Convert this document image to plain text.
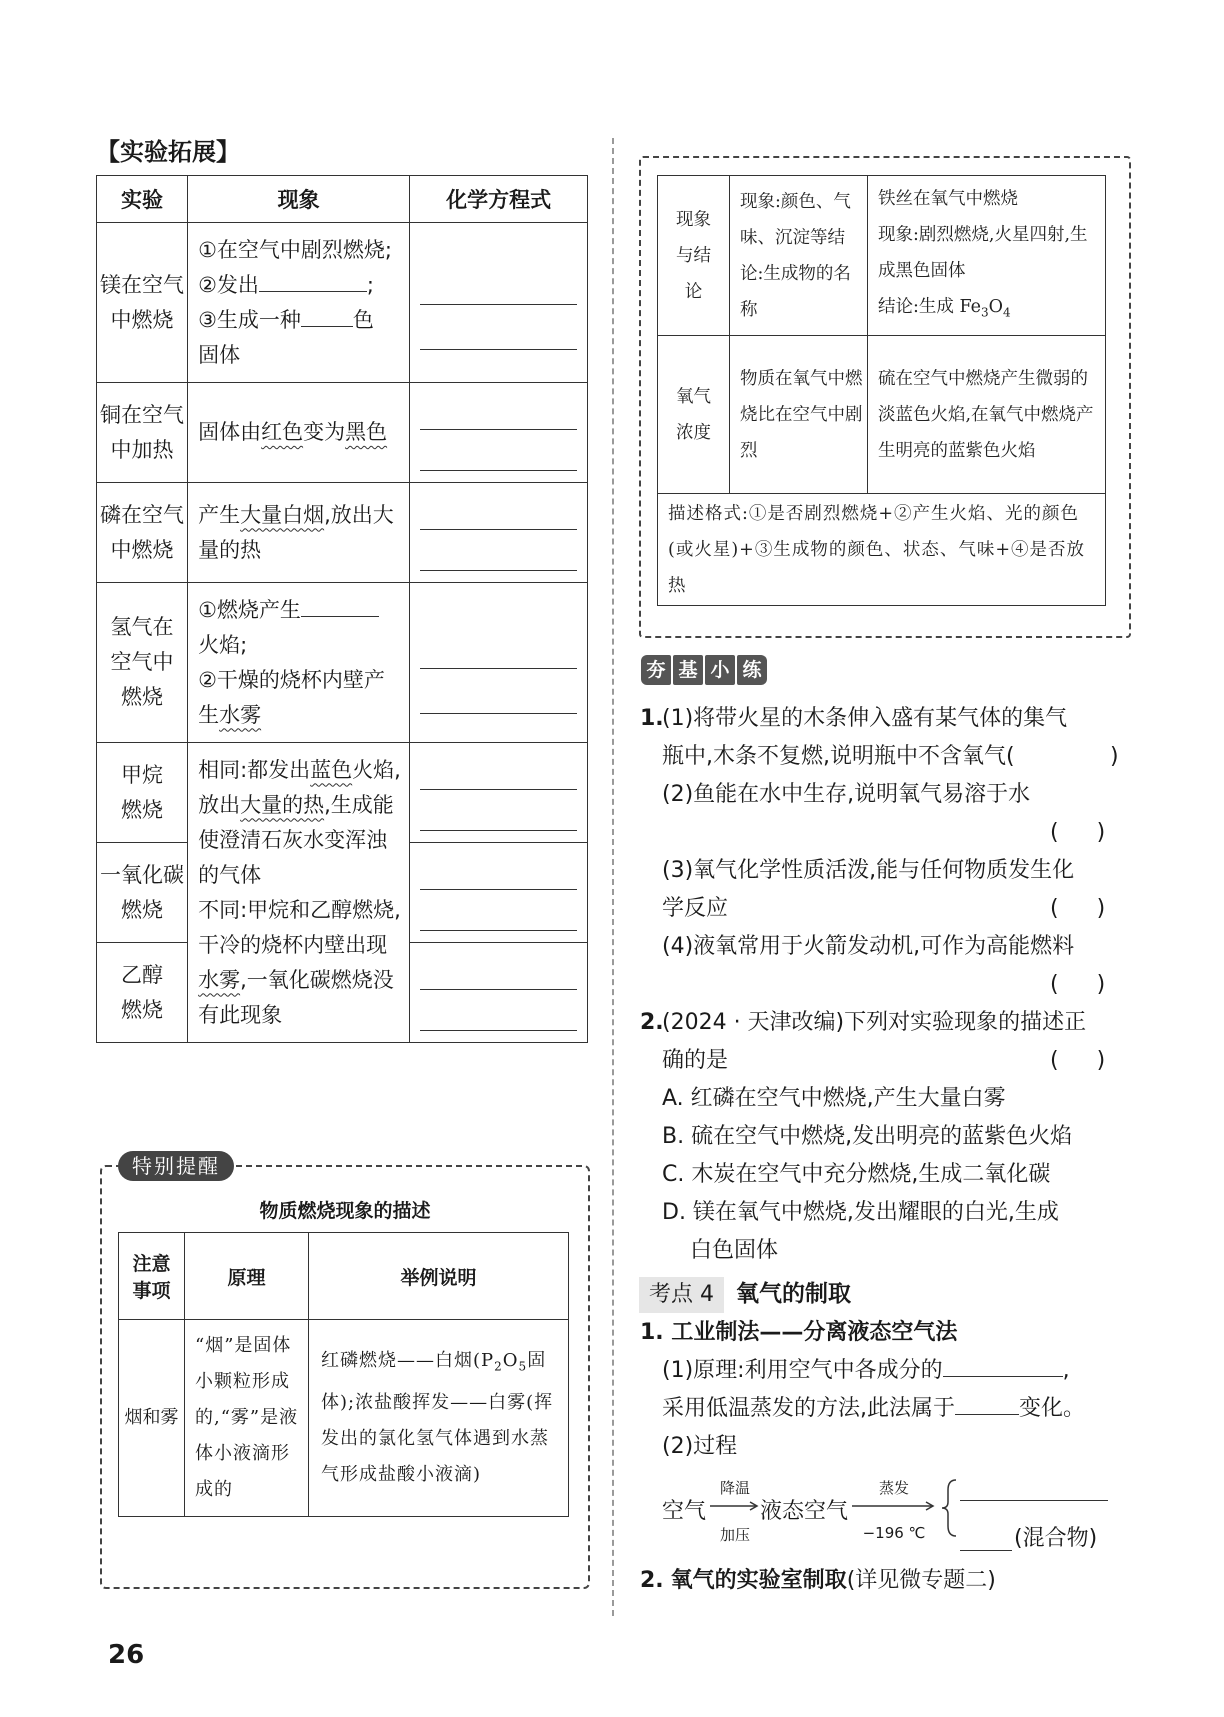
【实验拓展】
实验	现象	化学方程式
镁在空气中燃烧	①在空气中剧烈燃烧;
②发出 ;
③生成一种 色
固体	

铜在空气中加热	固体由红色变为黑色	

磷在空气中燃烧	产生大量白烟,放出大量的热	

氢气在空气中燃烧	①燃烧产生
火焰;
②干燥的烧杯内壁产生水雾	

甲烷燃烧	相同:都发出蓝色火焰,放出大量的热,生成能使澄清石灰水变浑浊的气体
不同:甲烷和乙醇燃烧,干冷的烧杯内壁出现水雾,一氧化碳燃烧没有此现象	

一氧化碳燃烧		

乙醇燃烧		
特别提醒
物质燃烧现象的描述
注意事项	原理	举例说明
烟和雾	“烟”是固体小颗粒形成的,“雾”是液体小液滴形成的	红磷燃烧——白烟($P_2O_5$固体);浓盐酸挥发——白雾(挥发出的氯化氢气体遇到水蒸气形成盐酸小液滴)
26
现象与结论	现象:颜色、气味、沉淀等结论:生成物的名称	铁丝在氧气中燃烧
现象:剧烈燃烧,火星四射,生成黑色固体
结论:生成 $Fe_3O_4$

氧气浓度	物质在氧气中燃烧比在空气中剧烈	硫在空气中燃烧产生微弱的淡蓝色火焰,在氧气中燃烧产生明亮的蓝紫色火焰
描述格式:①是否剧烈燃烧+②产生火焰、光的颜色(或火星)+③生成物的颜色、状态、气味+④是否放热		
夯 基 小 练
1.
(1)将带火星的木条伸入盛有某气体的集气
瓶中,木条不复燃,说明瓶中不含氧气(	)
(2)鱼能在水中生存,说明氧气易溶于水
( )
(3)氧气化学性质活泼,能与任何物质发生化
学反应	( )
(4)液氧常用于火箭发动机,可作为高能燃料
( )
2.
(2024 · 天津改编)下列对实验现象的描述正
确的是	( )
A. 红磷在空气中燃烧,产生大量白雾
B. 硫在空气中燃烧,发出明亮的蓝紫色火焰
C. 木炭在空气中充分燃烧,生成二氧化碳
D. 镁在氧气中燃烧,发出耀眼的白光,生成
白色固体
考点 4 氧气的制取
1. 工业制法——分离液态空气法
(1)原理:利用空气中各成分的	,
采用低温蒸发的方法,此法属于	变化。
(2)过程
空气
降温
加压
液态空气
蒸发
−196 ℃	(混合物)
2. 氧气的实验室制取(详见微专题二)
